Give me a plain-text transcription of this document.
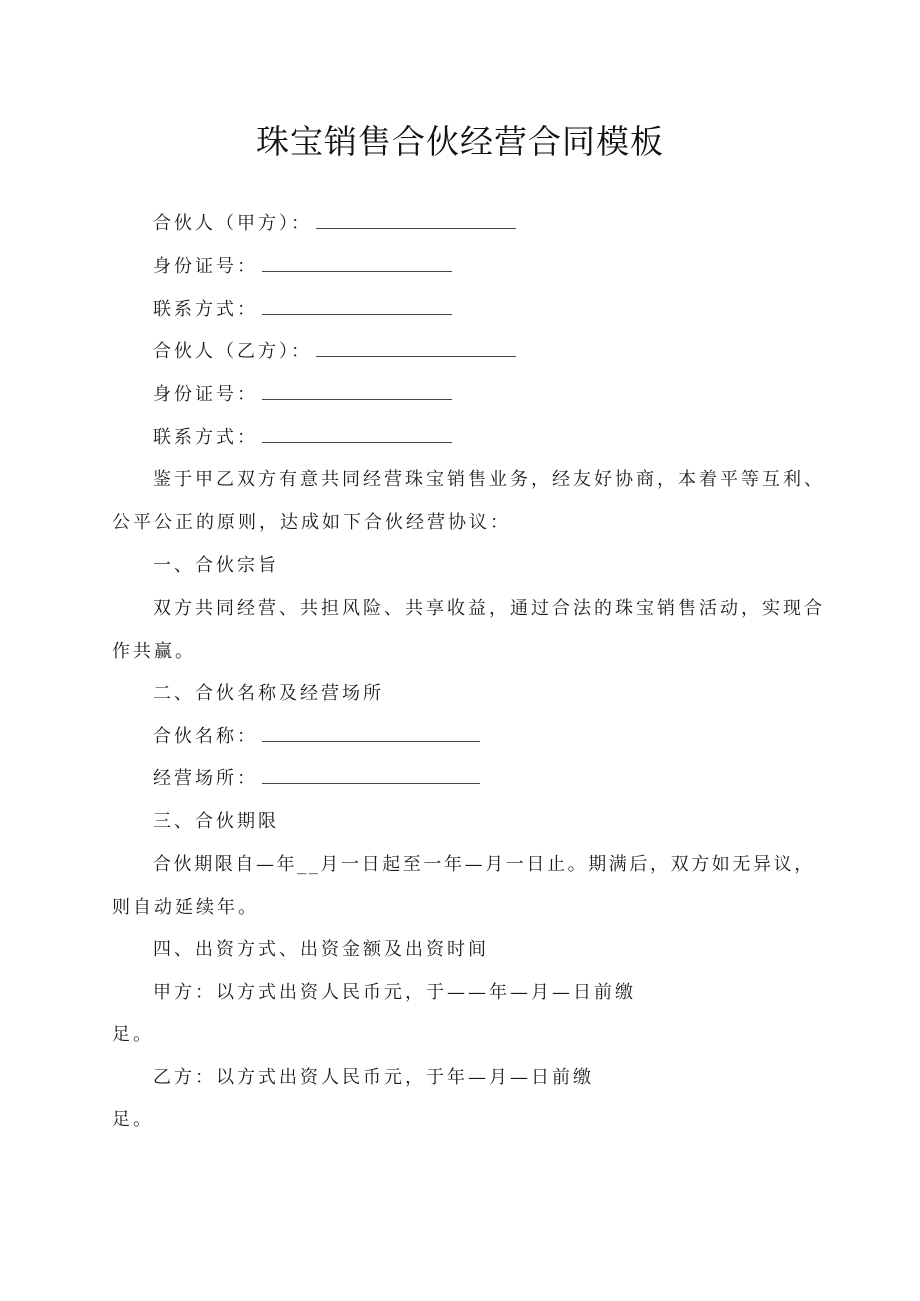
珠宝销售合伙经营合同模板
合伙人（甲方）：
身份证号：
联系方式：
合伙人（乙方）：
身份证号：
联系方式：
鉴于甲乙双方有意共同经营珠宝销售业务，经友好协商，本着平等互利、
公平公正的原则，达成如下合伙经营协议：
一、合伙宗旨
双方共同经营、共担风险、共享收益，通过合法的珠宝销售活动，实现合
作共赢。
二、合伙名称及经营场所
合伙名称：
经营场所：
三、合伙期限
合伙期限自—年__月一日起至一年—月一日止。期满后，双方如无异议，
则自动延续年。
四、出资方式、出资金额及出资时间
甲方：以方式出资人民币元，于——年—月—日前缴
足。
乙方：以方式出资人民币元，于年—月—日前缴
足。
